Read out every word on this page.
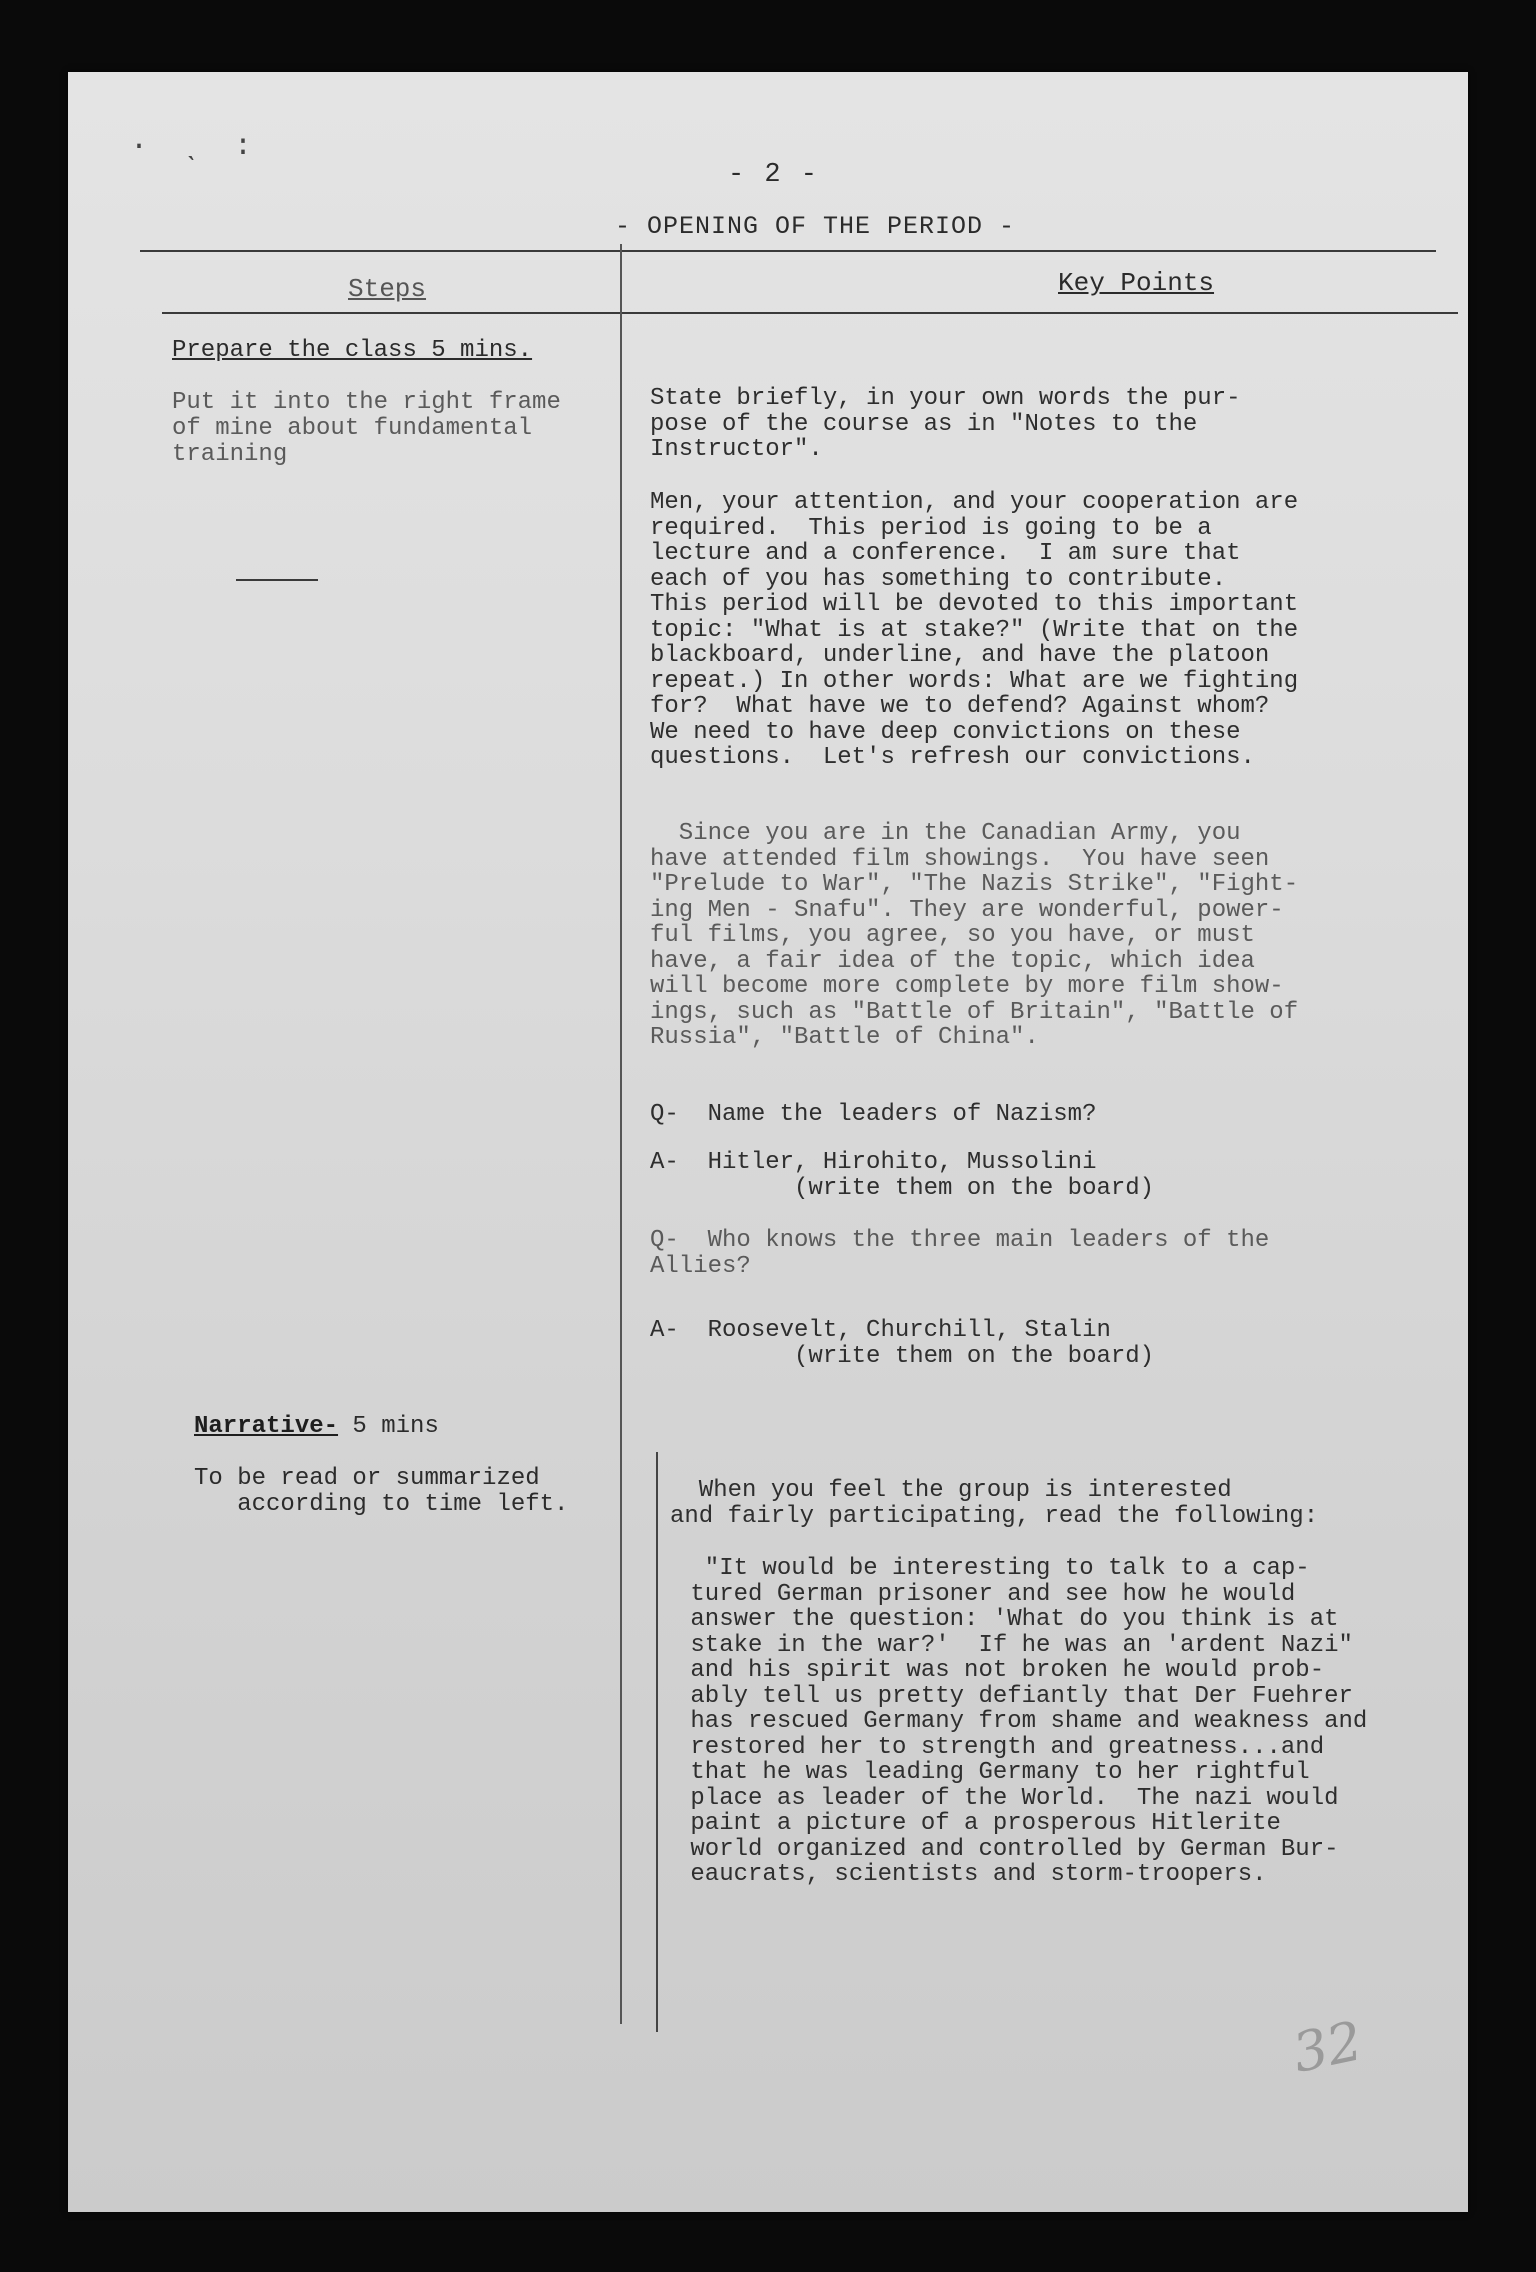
· ˎ :
- 2 -
- OPENING OF THE PERIOD -
Steps	Key Points
Prepare the class 5 mins.
Put it into the right frame
of mine about fundamental
training
Narrative- 5 mins
To be read or summarized
according to time left.
State briefly, in your own words the pur-
pose of the course as in "Notes to the
Instructor".
Men, your attention, and your cooperation are
required.  This period is going to be a
lecture and a conference.  I am sure that
each of you has something to contribute.
This period will be devoted to this important
topic: "What is at stake?" (Write that on the
blackboard, underline, and have the platoon
repeat.) In other words: What are we fighting
for?  What have we to defend? Against whom?
We need to have deep convictions on these
questions.  Let's refresh our convictions.
Since you are in the Canadian Army, you
have attended film showings.  You have seen
"Prelude to War", "The Nazis Strike", "Fight-
ing Men - Snafu". They are wonderful, power-
ful films, you agree, so you have, or must
have, a fair idea of the topic, which idea
will become more complete by more film show-
ings, such as "Battle of Britain", "Battle of
Russia", "Battle of China".
Q-  Name the leaders of Nazism?
A-  Hitler, Hirohito, Mussolini
(write them on the board)
Q-  Who knows the three main leaders of the
Allies?
A-  Roosevelt, Churchill, Stalin
(write them on the board)
When you feel the group is interested
and fairly participating, read the following:
"It would be interesting to talk to a cap-
tured German prisoner and see how he would
answer the question: 'What do you think is at
stake in the war?'  If he was an 'ardent Nazi"
and his spirit was not broken he would prob-
ably tell us pretty defiantly that Der Fuehrer
has rescued Germany from shame and weakness and
restored her to strength and greatness...and
that he was leading Germany to her rightful
place as leader of the World.  The nazi would
paint a picture of a prosperous Hitlerite
world organized and controlled by German Bur-
eaucrats, scientists and storm-troopers.
32
